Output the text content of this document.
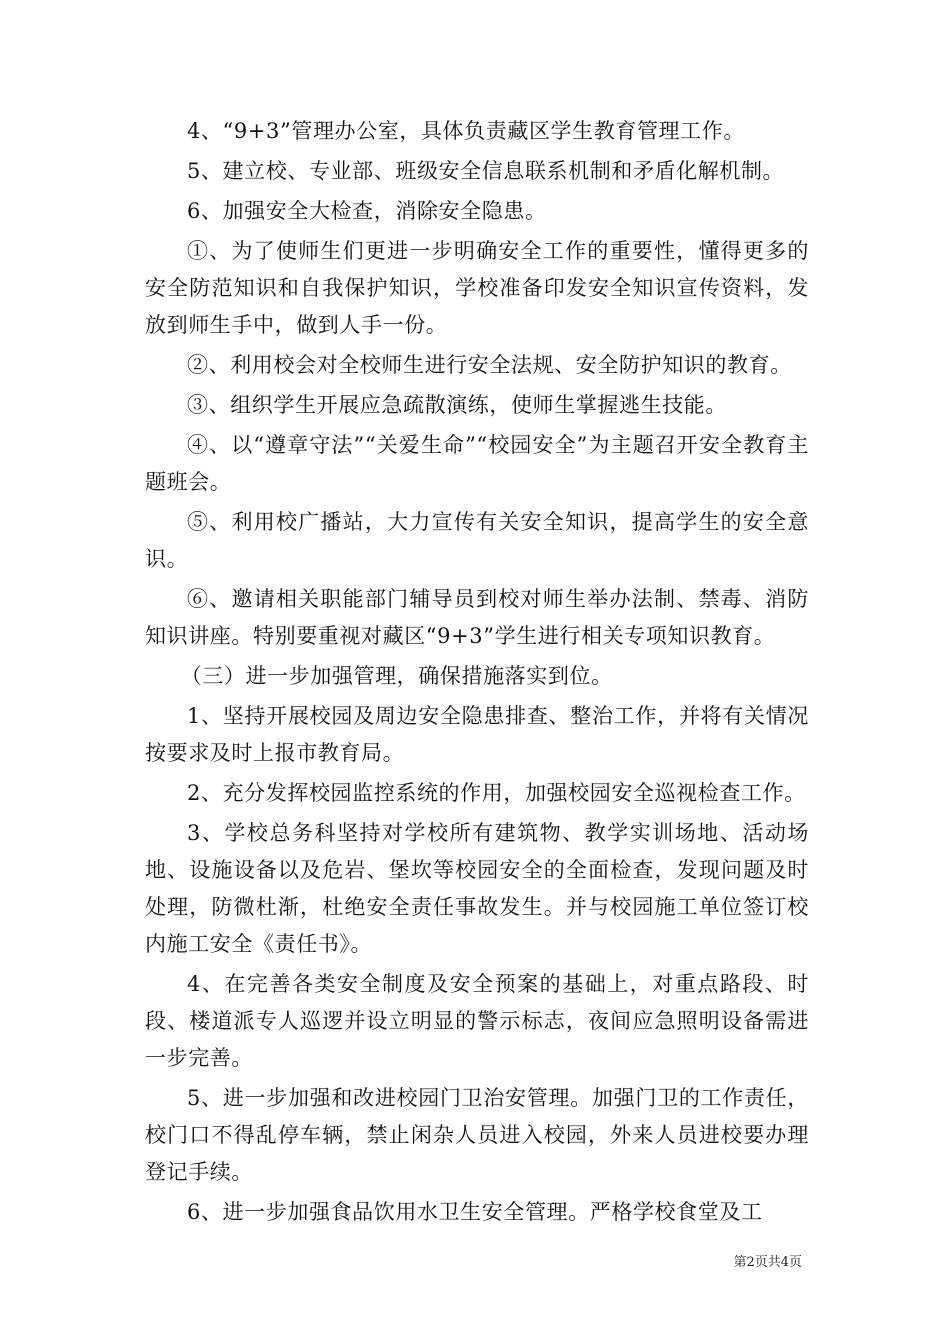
4、“9+3”管理办公室，具体负责藏区学生教育管理工作。

5、建立校、专业部、班级安全信息联系机制和矛盾化解机制。

6、加强安全大检查，消除安全隐患。

①、为了使师生们更进一步明确安全工作的重要性，懂得更多的安全防范知识和自我保护知识，学校准备印发安全知识宣传资料，发放到师生手中，做到人手一份。

②、利用校会对全校师生进行安全法规、安全防护知识的教育。

③、组织学生开展应急疏散演练，使师生掌握逃生技能。

④、以“遵章守法”“关爱生命”“校园安全”为主题召开安全教育主题班会。

⑤、利用校广播站，大力宣传有关安全知识，提高学生的安全意识。

⑥、邀请相关职能部门辅导员到校对师生举办法制、禁毒、消防知识讲座。特别要重视对藏区“9+3”学生进行相关专项知识教育。

（三）进一步加强管理，确保措施落实到位。

1、坚持开展校园及周边安全隐患排查、整治工作，并将有关情况按要求及时上报市教育局。

2、充分发挥校园监控系统的作用，加强校园安全巡视检查工作。

3、学校总务科坚持对学校所有建筑物、教学实训场地、活动场地、设施设备以及危岩、堡坎等校园安全的全面检查，发现问题及时处理，防微杜渐，杜绝安全责任事故发生。并与校园施工单位签订校内施工安全《责任书》。

4、在完善各类安全制度及安全预案的基础上，对重点路段、时段、楼道派专人巡逻并设立明显的警示标志，夜间应急照明设备需进一步完善。

5、进一步加强和改进校园门卫治安管理。加强门卫的工作责任，校门口不得乱停车辆，禁止闲杂人员进入校园，外来人员进校要办理登记手续。

6、进一步加强食品饮用水卫生安全管理。严格学校食堂及工

第2页共4页
